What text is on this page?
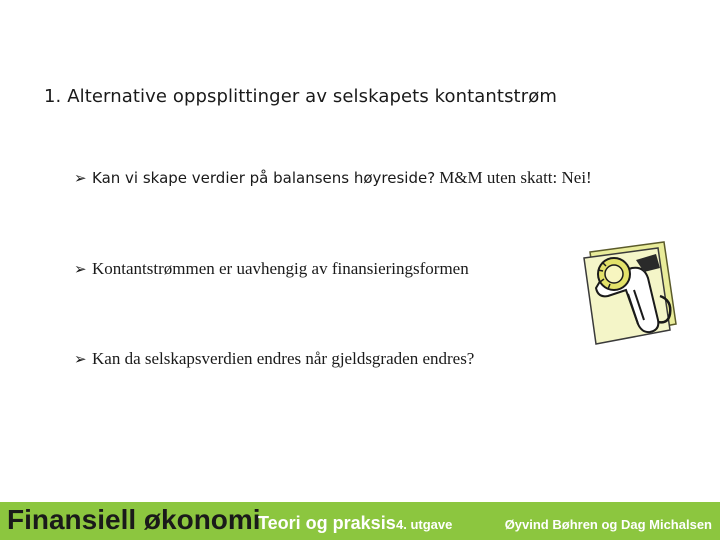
1. Alternative oppsplittinger av selskapets kontantstrøm
➢ Kan vi skape verdier på balansens høyreside? M&M uten skatt: Nei!
➢ Kontantstrømmen er uavhengig av finansieringsformen
➢ Kan da selskapsverdien endres når gjeldsgraden endres?
Finansiell økonomi
Teori og praksis 4. utgave	Øyvind Bøhren og Dag Michalsen
